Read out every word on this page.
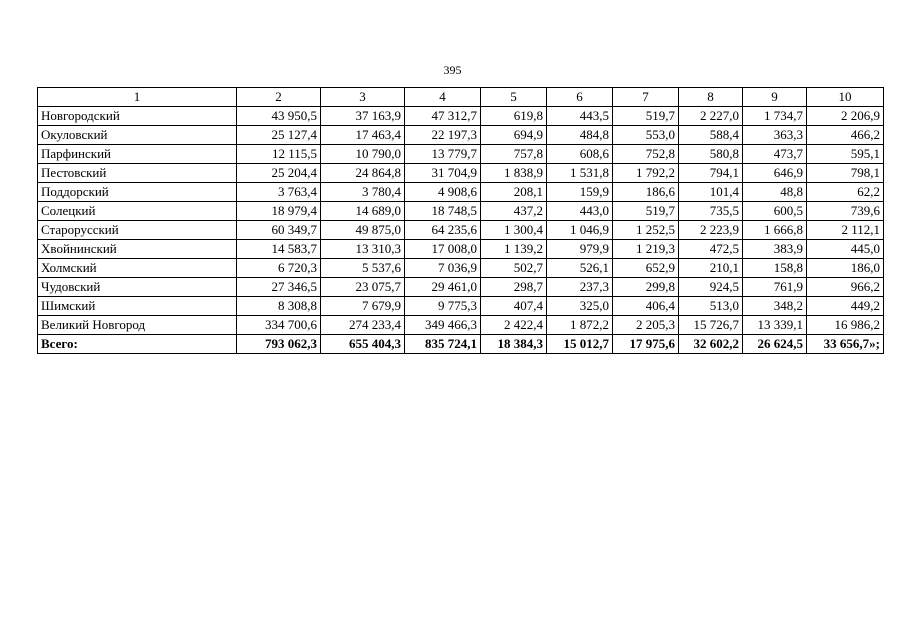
395
1	2	3	4	5	6	7	8	9	10
Новгородский	43 950,5	37 163,9	47 312,7	619,8	443,5	519,7	2 227,0	1 734,7	2 206,9
Окуловский	25 127,4	17 463,4	22 197,3	694,9	484,8	553,0	588,4	363,3	466,2
Парфинский	12 115,5	10 790,0	13 779,7	757,8	608,6	752,8	580,8	473,7	595,1
Пестовский	25 204,4	24 864,8	31 704,9	1 838,9	1 531,8	1 792,2	794,1	646,9	798,1
Поддорский	3 763,4	3 780,4	4 908,6	208,1	159,9	186,6	101,4	48,8	62,2
Солецкий	18 979,4	14 689,0	18 748,5	437,2	443,0	519,7	735,5	600,5	739,6
Старорусский	60 349,7	49 875,0	64 235,6	1 300,4	1 046,9	1 252,5	2 223,9	1 666,8	2 112,1
Хвойнинский	14 583,7	13 310,3	17 008,0	1 139,2	979,9	1 219,3	472,5	383,9	445,0
Холмский	6 720,3	5 537,6	7 036,9	502,7	526,1	652,9	210,1	158,8	186,0
Чудовский	27 346,5	23 075,7	29 461,0	298,7	237,3	299,8	924,5	761,9	966,2
Шимский	8 308,8	7 679,9	9 775,3	407,4	325,0	406,4	513,0	348,2	449,2
Великий Новгород	334 700,6	274 233,4	349 466,3	2 422,4	1 872,2	2 205,3	15 726,7	13 339,1	16 986,2
Всего:	793 062,3	655 404,3	835 724,1	18 384,3	15 012,7	17 975,6	32 602,2	26 624,5	33 656,7»;
